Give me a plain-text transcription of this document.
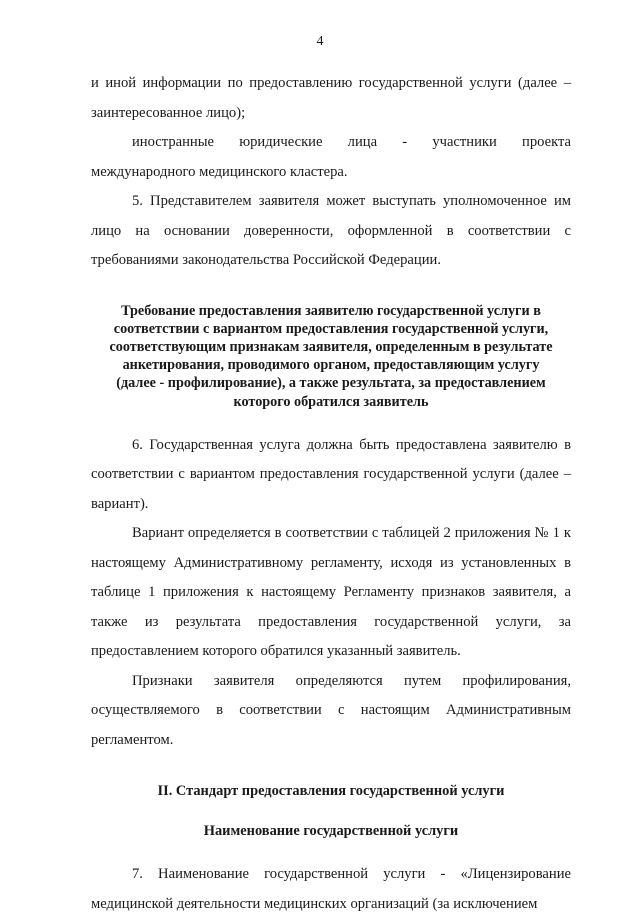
4

и иной информации по предоставлению государственной услуги (далее – заинтересованное лицо);

иностранные юридические лица - участники проекта международного медицинского кластера.

5. Представителем заявителя может выступать уполномоченное им лицо на основании доверенности, оформленной в соответствии с требованиями законодательства Российской Федерации.

Требование предоставления заявителю государственной услуги в

соответствии с вариантом предоставления государственной услуги,

соответствующим признакам заявителя, определенным в результате

анкетирования, проводимого органом, предоставляющим услугу

(далее - профилирование), а также результата, за предоставлением

которого обратился заявитель

6. Государственная услуга должна быть предоставлена заявителю в соответствии с вариантом предоставления государственной услуги (далее – вариант).

Вариант определяется в соответствии с таблицей 2 приложения № 1 к настоящему Административному регламенту, исходя из установленных в таблице 1 приложения к настоящему Регламенту признаков заявителя, а также из результата предоставления государственной услуги, за предоставлением которого обратился указанный заявитель.

Признаки заявителя определяются путем профилирования, осуществляемого в соответствии с настоящим Административным регламентом.

II. Стандарт предоставления государственной услуги

Наименование государственной услуги

7. Наименование государственной услуги - «Лицензирование медицинской деятельности медицинских организаций (за исключением
